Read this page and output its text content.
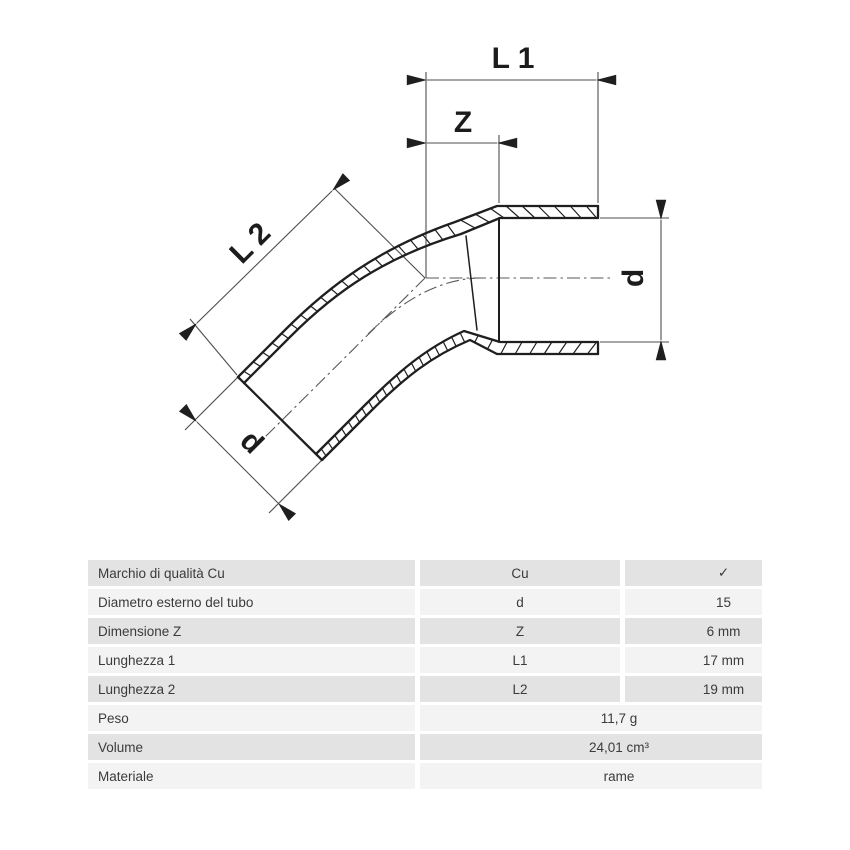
L 1
Z
d
L 2
d
Marchio di qualità Cu	Cu	✓
Diametro esterno del tubo	d	15
Dimensione Z	Z	6 mm
Lunghezza 1	L1	17 mm
Lunghezza 2	L2	19 mm
Peso	11,7 g
Volume	24,01 cm³
Materiale	rame
